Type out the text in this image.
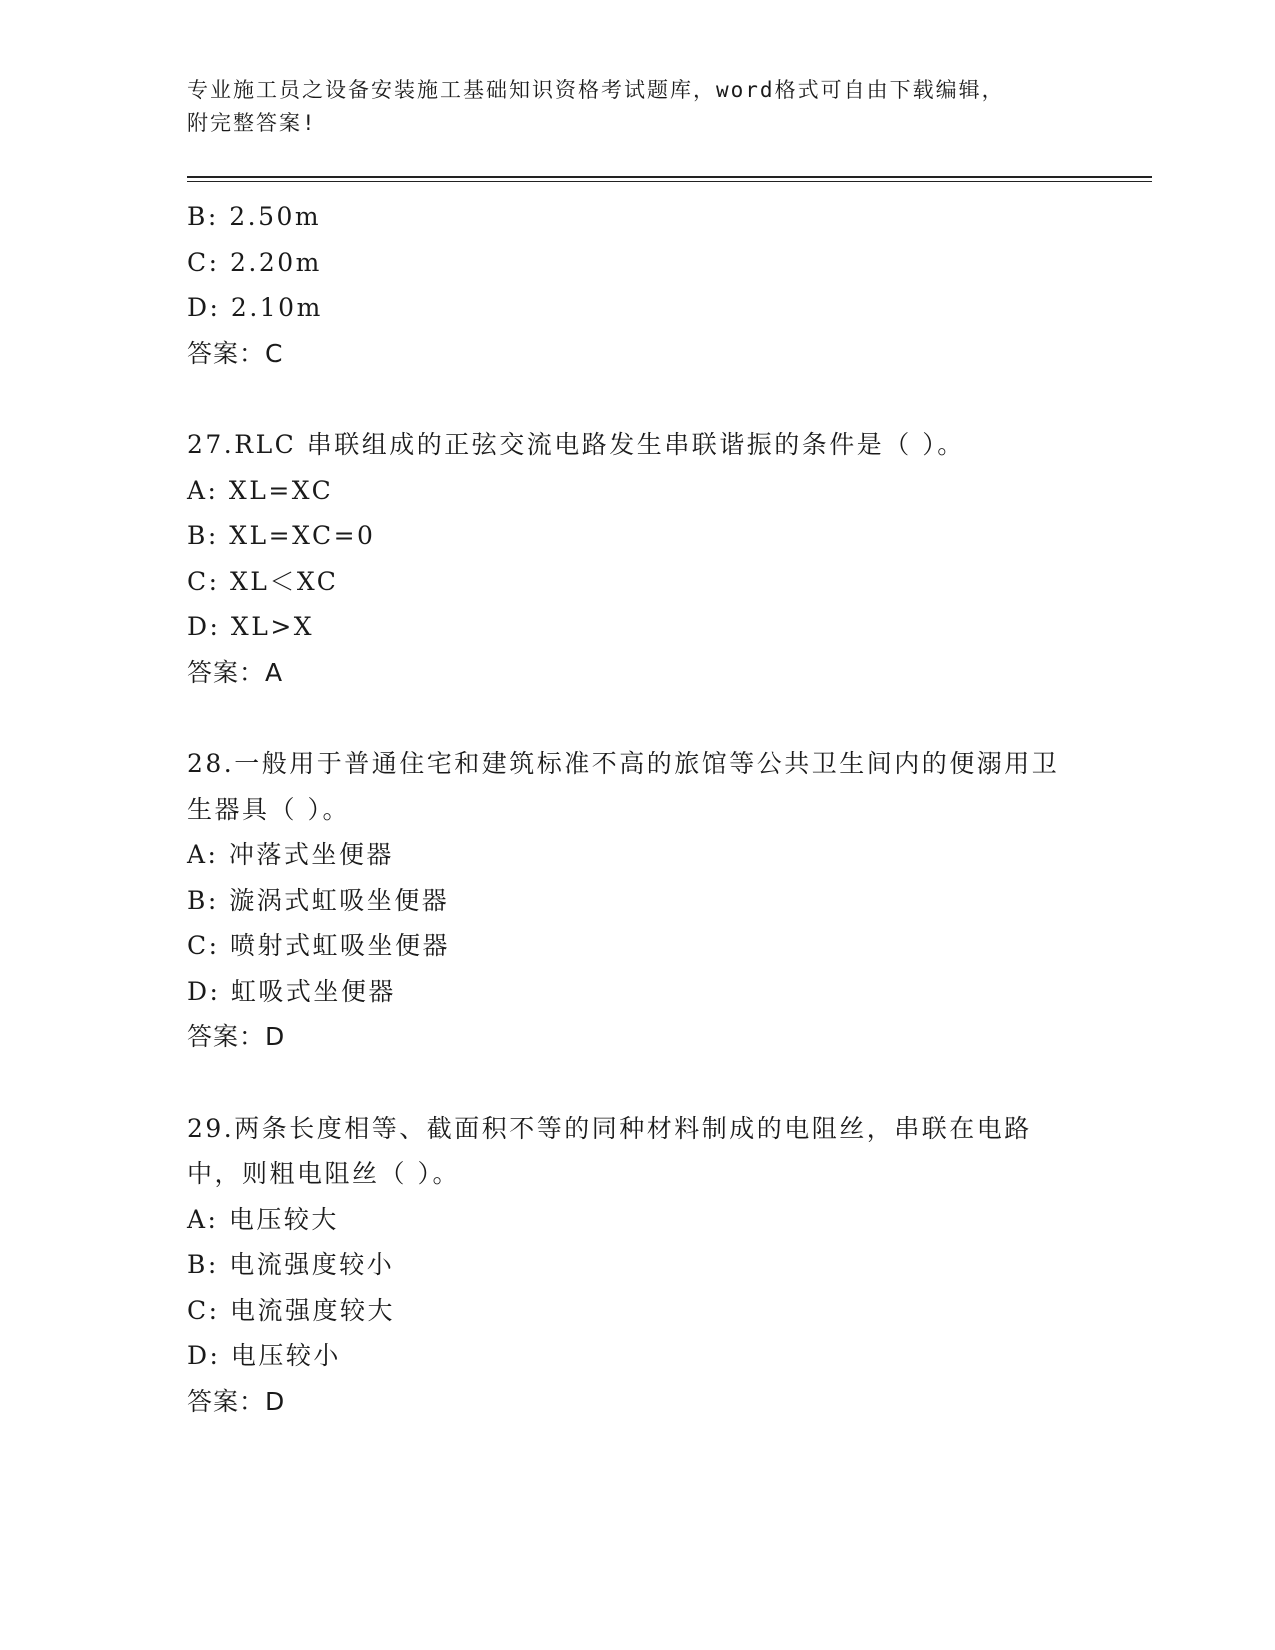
专业施工员之设备安装施工基础知识资格考试题库，word格式可自由下载编辑，
附完整答案!
B: 2.50m
C: 2.20m
D: 2.10m
答案：C
27.RLC 串联组成的正弦交流电路发生串联谐振的条件是（ ）。
A: XL=XC
B: XL=XC=0
C: XL＜XC
D: XL>X
答案：A
28.一般用于普通住宅和建筑标准不高的旅馆等公共卫生间内的便溺用卫生器具（ ）。
A: 冲落式坐便器
B: 漩涡式虹吸坐便器
C: 喷射式虹吸坐便器
D: 虹吸式坐便器
答案：D
29.两条长度相等、截面积不等的同种材料制成的电阻丝，串联在电路中，则粗电阻丝（ ）。
A: 电压较大
B: 电流强度较小
C: 电流强度较大
D: 电压较小
答案：D
